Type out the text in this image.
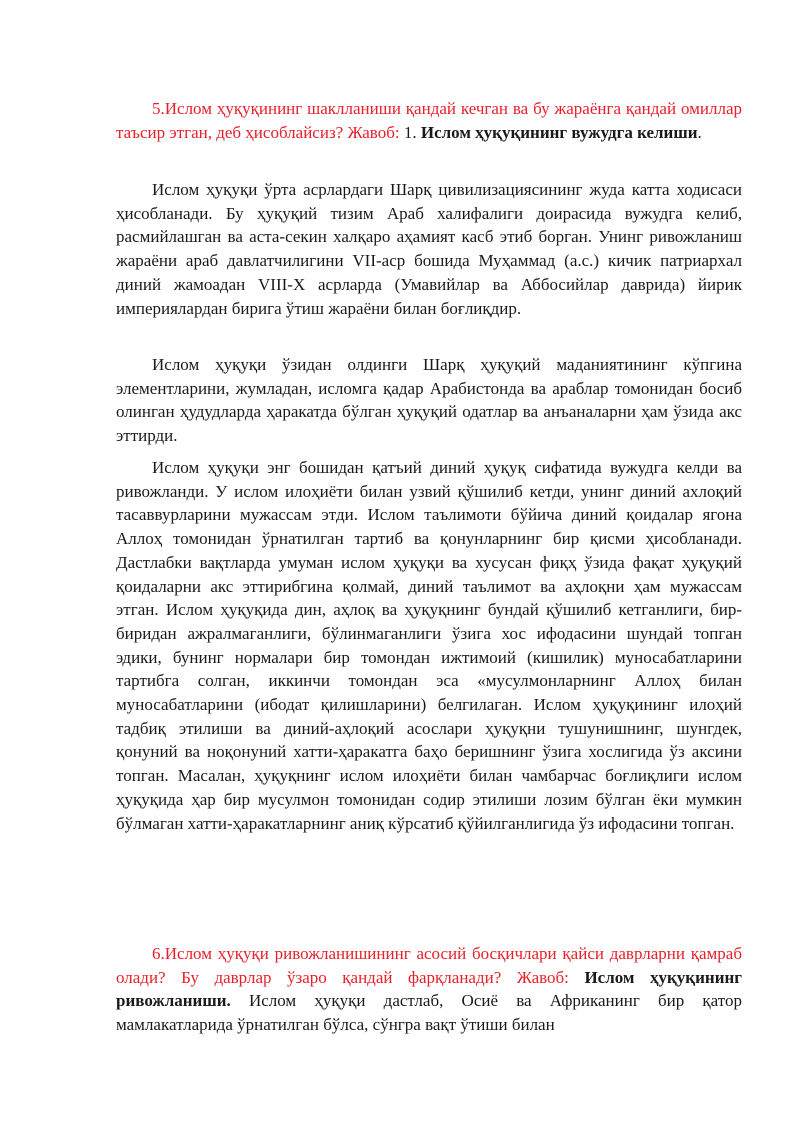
5.Ислом ҳуқуқининг шаклланиши қандай кечган ва бу жараёнга қандай омиллар таъсир этган, деб ҳисоблайсиз? Жавоб: 1. Ислом ҳуқуқининг вужудга келиши.

Ислом ҳуқуқи ўрта асрлардаги Шарқ цивилизациясининг жуда катта ходисаси ҳисобланади. Бу ҳуқуқий тизим Араб халифалиги доирасида вужудга келиб, расмийлашган ва аста-секин халқаро аҳамият касб этиб борган. Унинг ривожланиш жараёни араб давлатчилигини VII-аср бошида Муҳаммад (а.с.) кичик патриархал диний жамоадан VIII-X асрларда (Умавийлар ва Аббосийлар даврида) йирик империялардан бирига ўтиш жараёни билан боғлиқдир.

Ислом ҳуқуқи ўзидан олдинги Шарқ ҳуқуқий маданиятининг кўпгина элементларини, жумладан, исломга қадар Арабистонда ва араблар томонидан босиб олинган ҳудудларда ҳаракатда бўлган ҳуқуқий одатлар ва анъаналарни ҳам ўзида акс эттирди.

Ислом ҳуқуқи энг бошидан қатъий диний ҳуқуқ сифатида вужудга келди ва ривожланди. У ислом илоҳиёти билан узвий қўшилиб кетди, унинг диний ахлоқий тасаввурларини мужассам этди. Ислом таълимоти бўйича диний қоидалар ягона Аллоҳ томонидан ўрнатилган тартиб ва қонунларнинг бир қисми ҳисобланади. Дастлабки вақтларда умуман ислом ҳуқуқи ва хусусан фиқҳ ўзида фақат ҳуқуқий қоидаларни акс эттирибгина қолмай, диний таълимот ва аҳлоқни ҳам мужассам этган. Ислом ҳуқуқида дин, аҳлоқ ва ҳуқуқнинг бундай қўшилиб кетганлиги, бир-биридан ажралмаганлиги, бўлинмаганлиги ўзига хос ифодасини шундай топган эдики, бунинг нормалари бир томондан ижтимоий (кишилик) муносабатларини тартибга солган, иккинчи томондан эса «мусулмонларнинг Аллоҳ билан муносабатларини (ибодат қилишларини) белгилаган. Ислом ҳуқуқининг илоҳий тадбиқ этилиши ва диний-аҳлоқий асослари ҳуқуқни тушунишнинг, шунгдек, қонуний ва ноқонуний хатти-ҳаракатга баҳо беришнинг ўзига хослигида ўз аксини топган. Масалан, ҳуқуқнинг ислом илоҳиёти билан чамбарчас боғлиқлиги ислом ҳуқуқида ҳар бир мусулмон томонидан содир этилиши лозим бўлган ёки мумкин бўлмаган хатти-ҳаракатларнинг аниқ кўрсатиб қўйилганлигида ўз ифодасини топган.

6.Ислом ҳуқуқи ривожланишининг асосий босқичлари қайси даврларни қамраб олади? Бу даврлар ўзаро қандай фарқланади? Жавоб: Ислом ҳуқуқининг ривожланиши. Ислом ҳуқуқи дастлаб, Осиё ва Африканинг бир қатор мамлакатларида ўрнатилган бўлса, сўнгра вақт ўтиши билан
